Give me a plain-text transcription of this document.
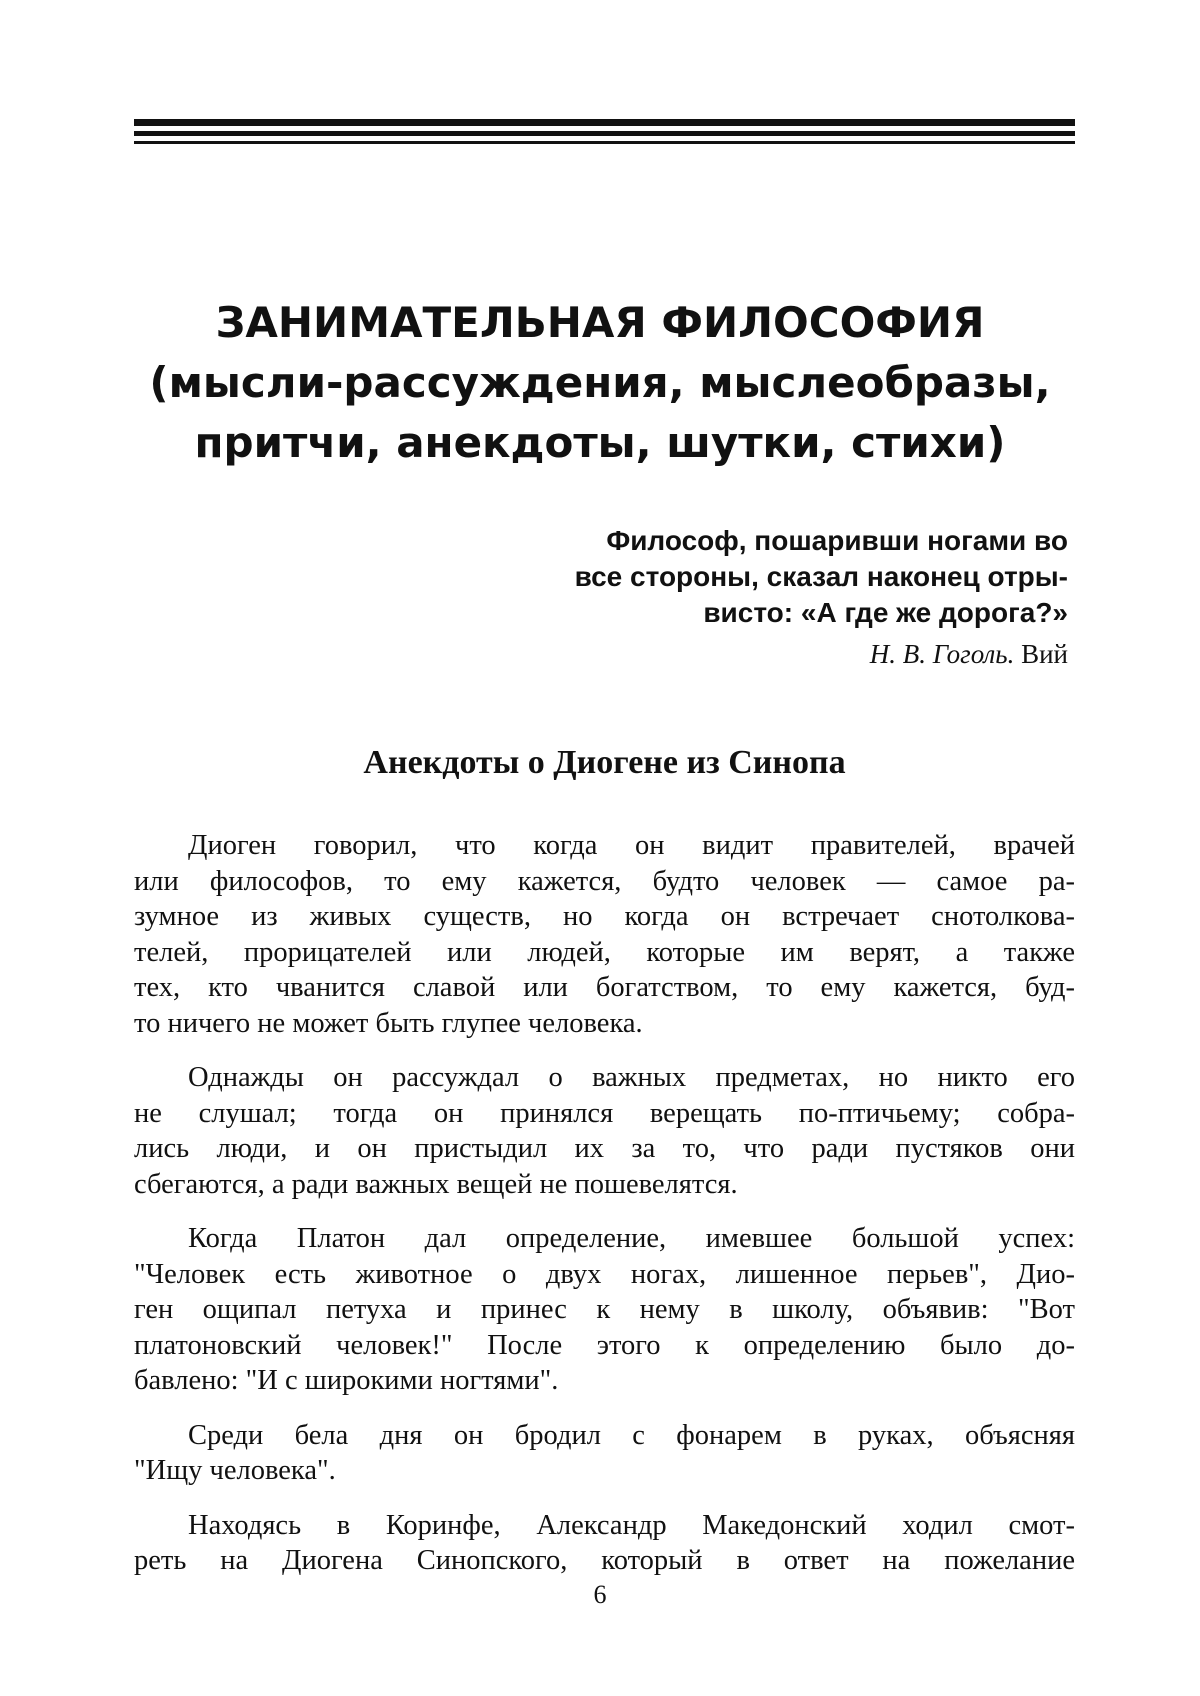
ЗАНИМАТЕЛЬНАЯ ФИЛОСОФИЯ
(мысли-рассуждения, мыслеобразы,
притчи, анекдоты, шутки, стихи)
Философ, пошаривши ногами во
все стороны, сказал наконец отры-
висто: «А где же дорога?»
Н. В. Гоголь. Вий
Анекдоты о Диогене из Синопа
Диоген говорил, что когда он видит правителей, врачей
или философов, то ему кажется, будто человек — самое ра-
зумное из живых существ, но когда он встречает снотолкова-
телей, прорицателей или людей, которые им верят, а также
тех, кто чванится славой или богатством, то ему кажется, буд-
то ничего не может быть глупее человека.
Однажды он рассуждал о важных предметах, но никто его
не слушал; тогда он принялся верещать по-птичьему; собра-
лись люди, и он пристыдил их за то, что ради пустяков они
сбегаются, а ради важных вещей не пошевелятся.
Когда Платон дал определение, имевшее большой успех:
"Человек есть животное о двух ногах, лишенное перьев", Дио-
ген ощипал петуха и принес к нему в школу, объявив: "Вот
платоновский человек!" После этого к определению было до-
бавлено: "И с широкими ногтями".
Среди бела дня он бродил с фонарем в руках, объясняя
"Ищу человека".
Находясь в Коринфе, Александр Македонский ходил смот-
реть на Диогена Синопского, который в ответ на пожелание
6
